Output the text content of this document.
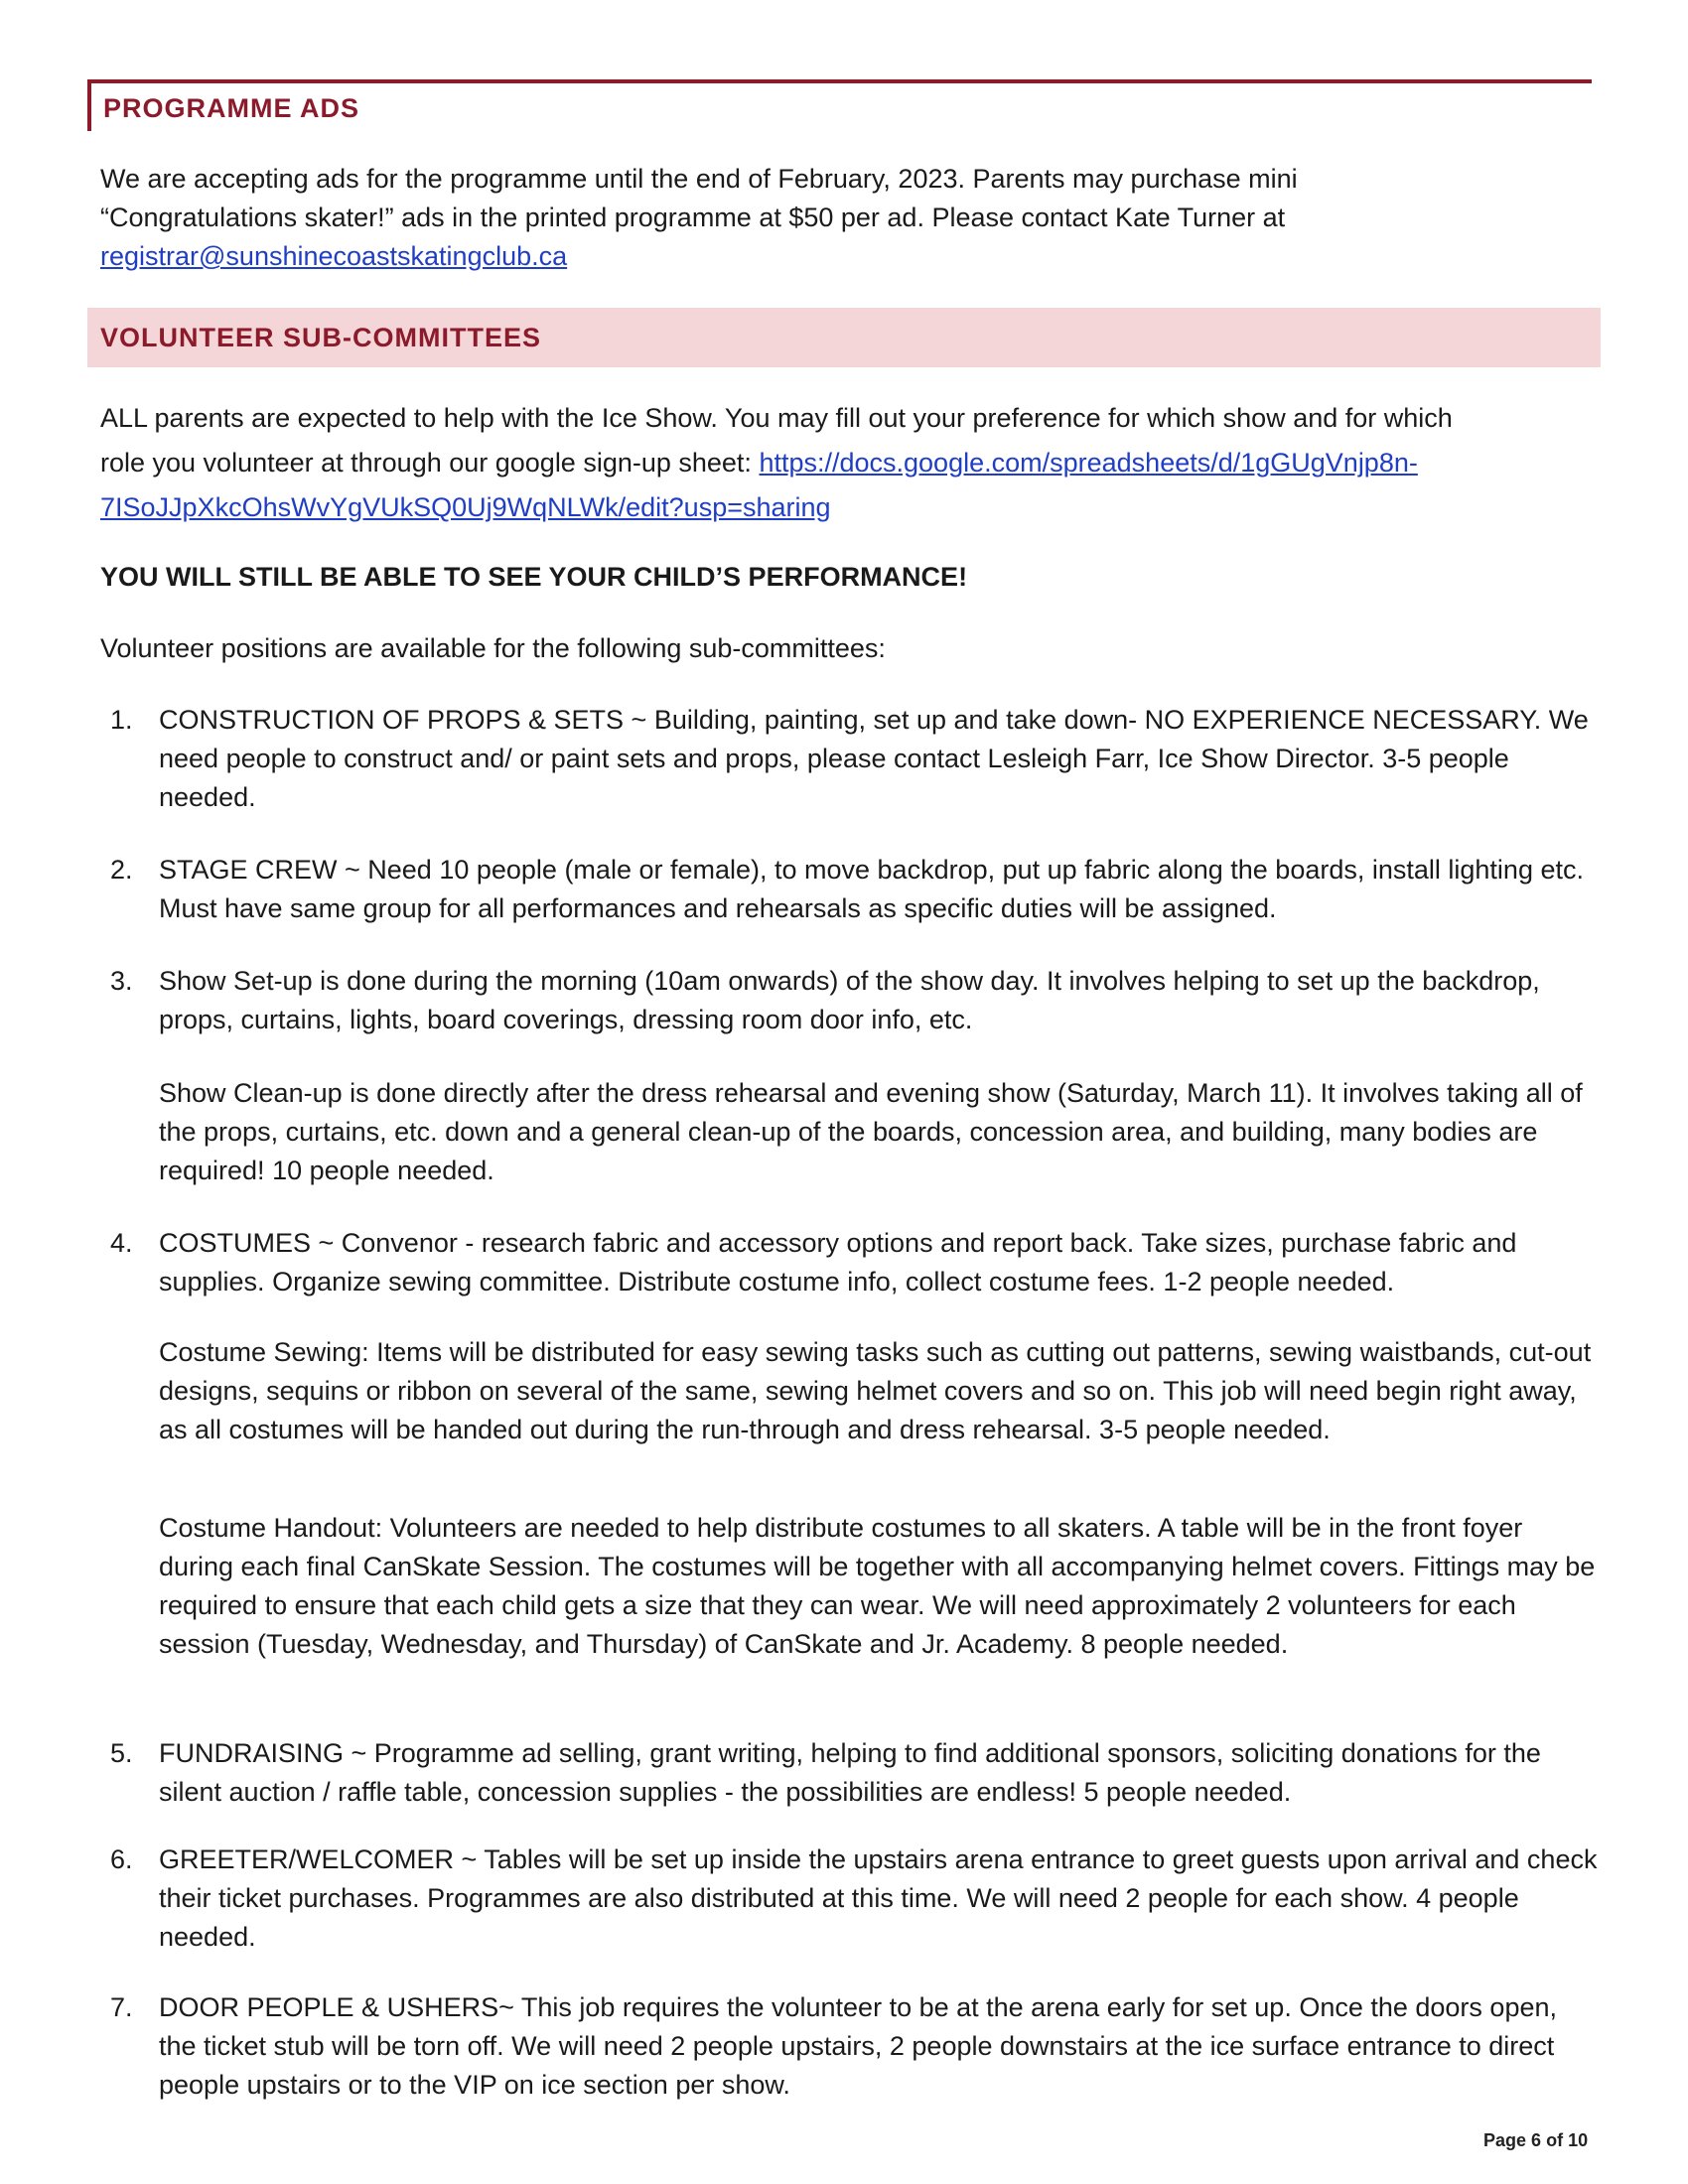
PROGRAMME ADS
We are accepting ads for the programme until the end of February, 2023. Parents may purchase mini
“Congratulations skater!” ads in the printed programme at $50 per ad. Please contact Kate Turner at
registrar@sunshinecoastskatingclub.ca
VOLUNTEER SUB-COMMITTEES
ALL parents are expected to help with the Ice Show. You may fill out your preference for which show and for which
role you volunteer at through our google sign-up sheet: https://docs.google.com/spreadsheets/d/1gGUgVnjp8n-
7ISoJJpXkcOhsWvYgVUkSQ0Uj9WqNLWk/edit?usp=sharing
YOU WILL STILL BE ABLE TO SEE YOUR CHILD’S PERFORMANCE!
Volunteer positions are available for the following sub-committees:
1. CONSTRUCTION OF PROPS & SETS ~ Building, painting, set up and take down- NO EXPERIENCE NECESSARY. We need people to construct and/ or paint sets and props, please contact Lesleigh Farr, Ice Show Director. 3-5 people needed.
2. STAGE CREW ~ Need 10 people (male or female), to move backdrop, put up fabric along the boards, install lighting etc. Must have same group for all performances and rehearsals as specific duties will be assigned.
3. Show Set-up is done during the morning (10am onwards) of the show day. It involves helping to set up the backdrop, props, curtains, lights, board coverings, dressing room door info, etc.
Show Clean-up is done directly after the dress rehearsal and evening show (Saturday, March 11). It involves taking all of the props, curtains, etc. down and a general clean-up of the boards, concession area, and building, many bodies are required! 10 people needed.
4. COSTUMES ~ Convenor - research fabric and accessory options and report back. Take sizes, purchase fabric and supplies. Organize sewing committee. Distribute costume info, collect costume fees. 1-2 people needed.
Costume Sewing: Items will be distributed for easy sewing tasks such as cutting out patterns, sewing waistbands, cut-out designs, sequins or ribbon on several of the same, sewing helmet covers and so on. This job will need begin right away, as all costumes will be handed out during the run-through and dress rehearsal. 3-5 people needed.
Costume Handout: Volunteers are needed to help distribute costumes to all skaters. A table will be in the front foyer during each final CanSkate Session. The costumes will be together with all accompanying helmet covers. Fittings may be required to ensure that each child gets a size that they can wear. We will need approximately 2 volunteers for each session (Tuesday, Wednesday, and Thursday) of CanSkate and Jr. Academy. 8 people needed.
5. FUNDRAISING ~ Programme ad selling, grant writing, helping to find additional sponsors, soliciting donations for the silent auction / raffle table, concession supplies - the possibilities are endless! 5 people needed.
6. GREETER/WELCOMER ~ Tables will be set up inside the upstairs arena entrance to greet guests upon arrival and check their ticket purchases. Programmes are also distributed at this time. We will need 2 people for each show. 4 people needed.
7. DOOR PEOPLE & USHERS~ This job requires the volunteer to be at the arena early for set up. Once the doors open, the ticket stub will be torn off. We will need 2 people upstairs, 2 people downstairs at the ice surface entrance to direct people upstairs or to the VIP on ice section per show.
Page 6 of 10
